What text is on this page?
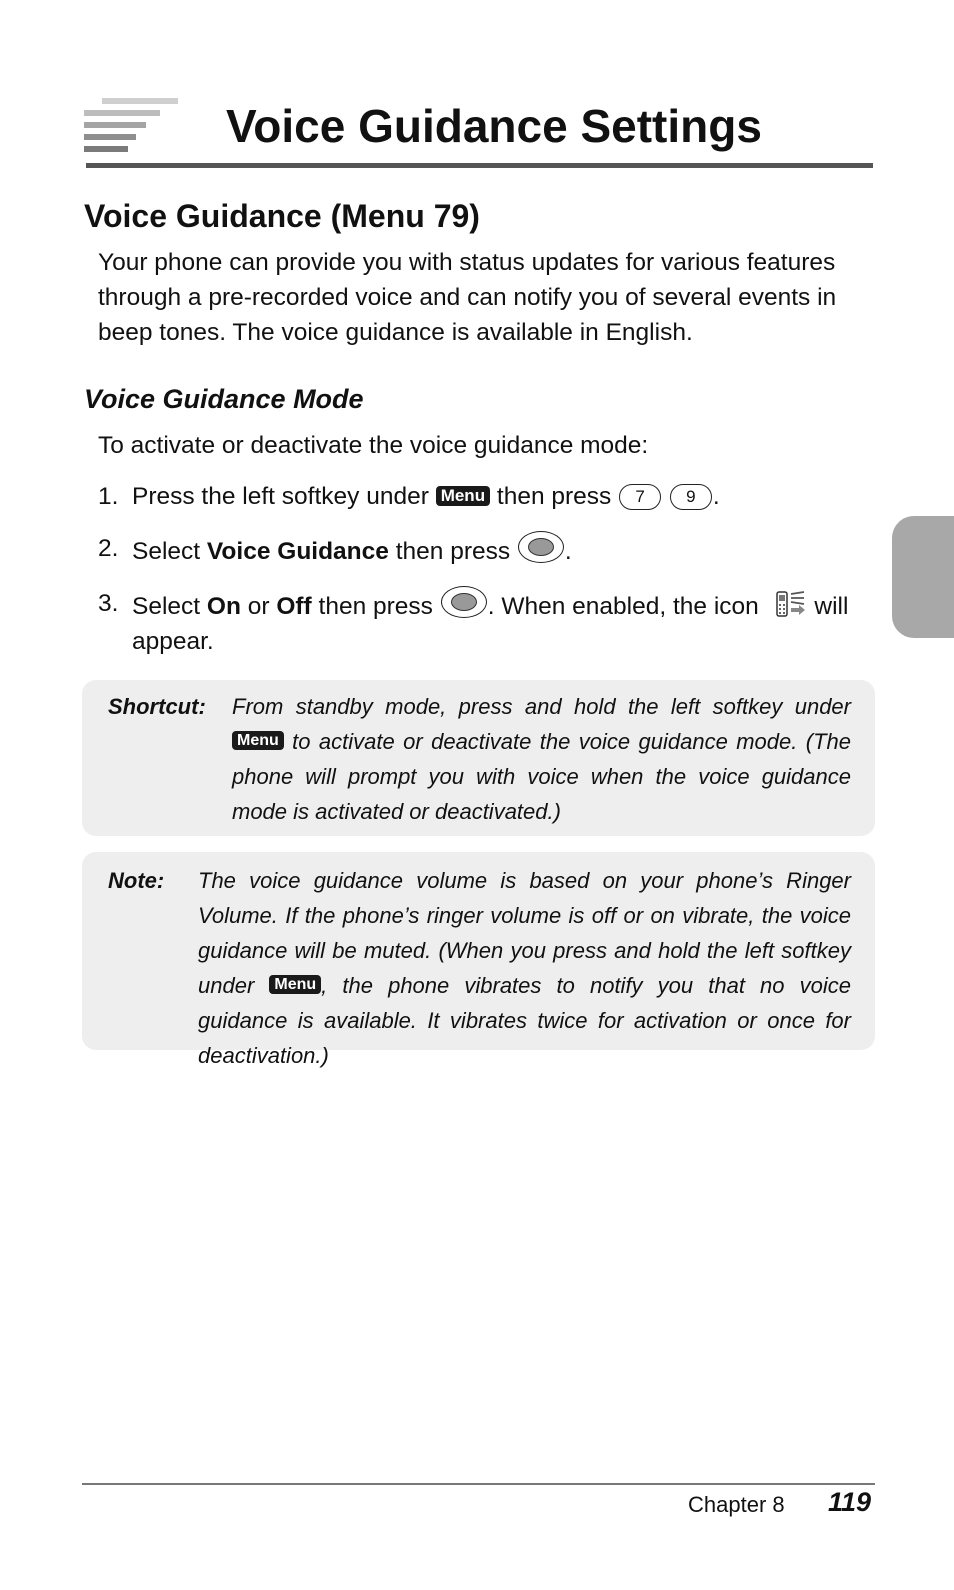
Voice Guidance Settings
Voice Guidance (Menu 79)

Your phone can provide you with status updates for various features through a pre-recorded voice and can notify you of several events in beep tones. The voice guidance is available in English.

Voice Guidance Mode

To activate or deactivate the voice guidance mode:

1. Press the left softkey under Menu then press 7 9 .
2. Select Voice Guidance then press .
3. Select On or Off then press . When enabled, the icon  will appear.
Shortcut: From standby mode, press and hold the left softkey under Menu to activate or deactivate the voice guidance mode. (The phone will prompt you with voice when the voice guidance mode is activated or deactivated.)

Note: The voice guidance volume is based on your phone’s Ringer Volume. If the phone’s ringer volume is off or on vibrate, the voice guidance will be muted. (When you press and hold the left softkey under Menu , the phone vibrates to notify you that no voice guidance is available. It vibrates twice for activation or once for deactivation.)

Chapter 8 119
